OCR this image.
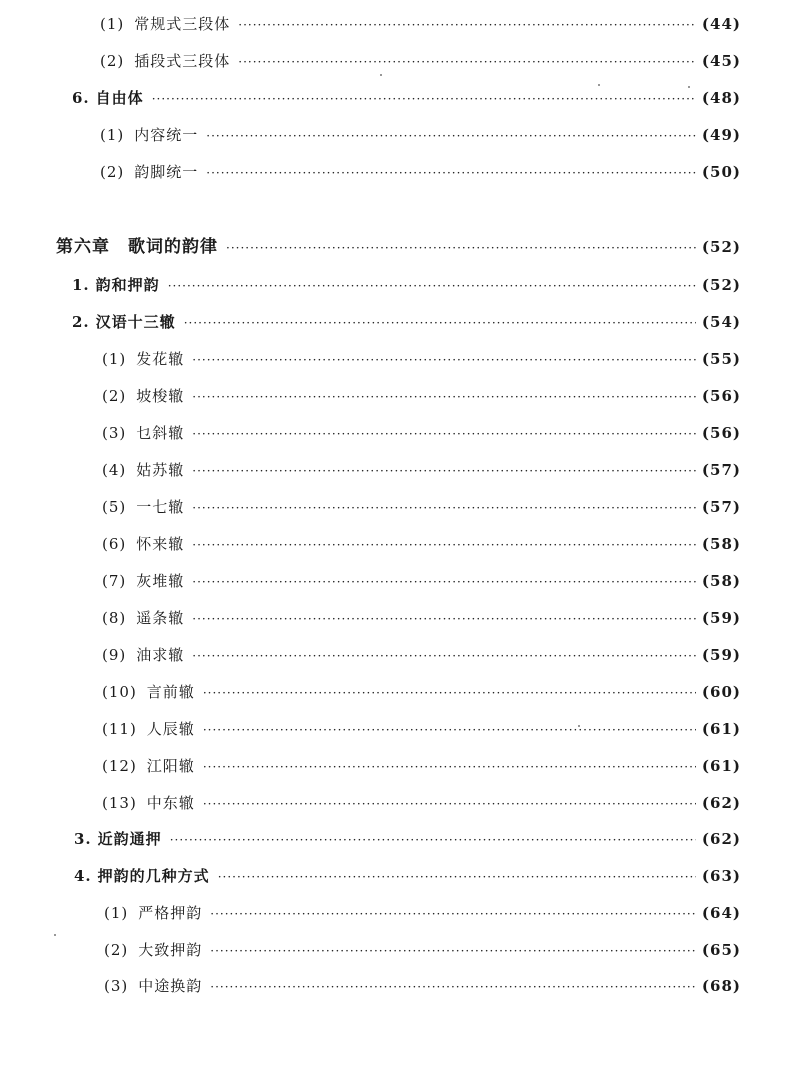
(1) 常规式三段体 ·····	(44)
(2) 插段式三段体 ·····	(45)
6. 自由体 ·····	(48)
(1) 内容统一 ·····	(49)
(2) 韵脚统一 ·····	(50)
第六章 歌词的韵律 ·····	(52)
1. 韵和押韵 ·····	(52)
2. 汉语十三辙 ·····	(54)
(1) 发花辙 ·····	(55)
(2) 坡梭辙 ·····	(56)
(3) 乜斜辙 ·····	(56)
(4) 姑苏辙 ·····	(57)
(5) 一七辙 ·····	(57)
(6) 怀来辙 ·····	(58)
(7) 灰堆辙 ·····	(58)
(8) 遥条辙 ·····	(59)
(9) 油求辙 ·····	(59)
(10) 言前辙 ·····	(60)
(11) 人辰辙 ·····	(61)
(12) 江阳辙 ·····	(61)
(13) 中东辙 ·····	(62)
3. 近韵通押 ·····	(62)
4. 押韵的几种方式 ·····	(63)
(1) 严格押韵 ·····	(64)
(2) 大致押韵 ·····	(65)
(3) 中途换韵 ·····	(68)
